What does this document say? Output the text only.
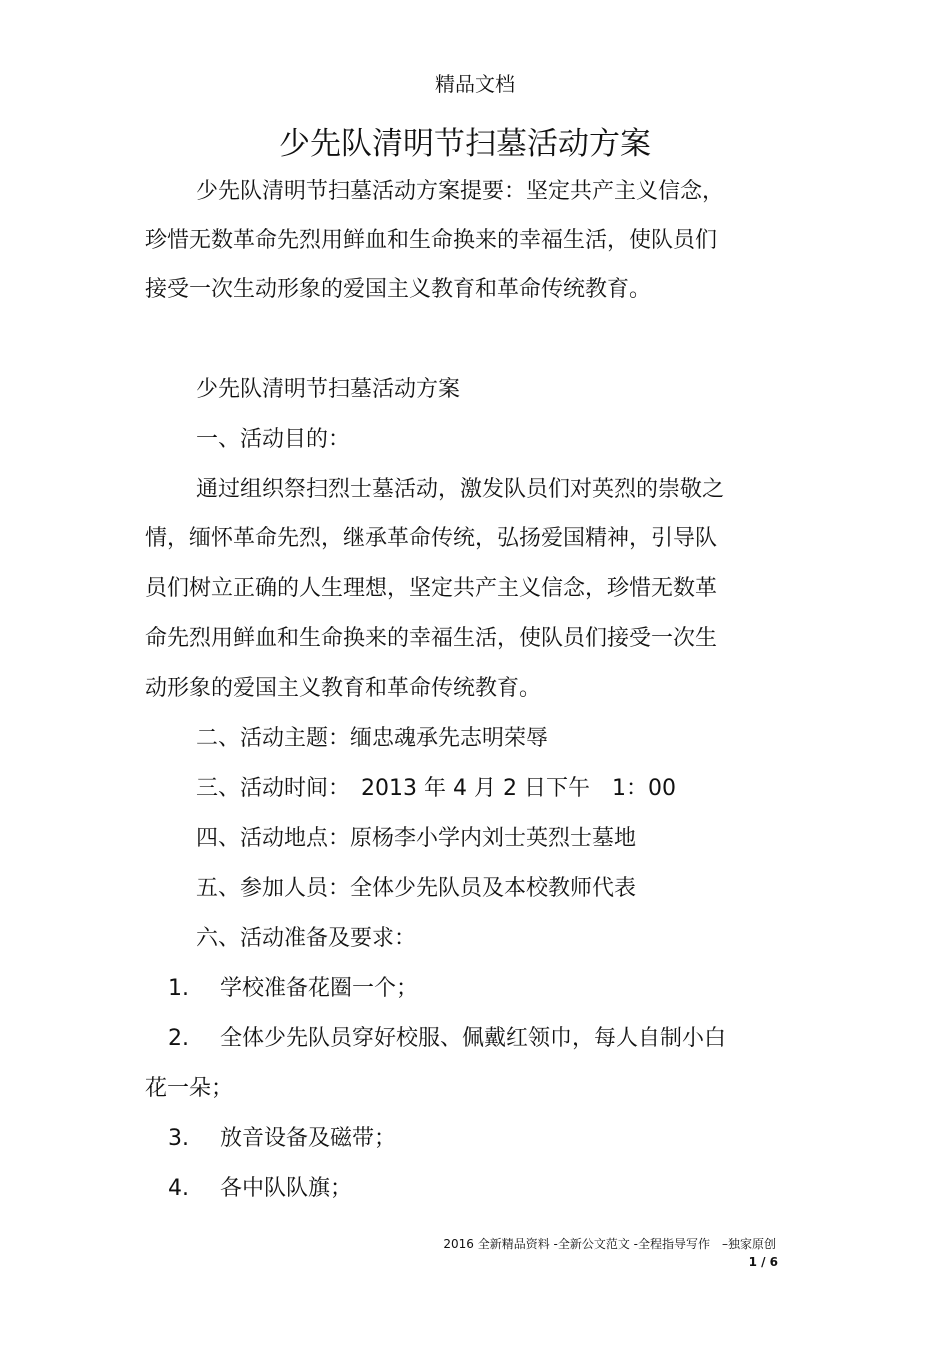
精品文档
少先队清明节扫墓活动方案
少先队清明节扫墓活动方案提要：坚定共产主义信念，
珍惜无数革命先烈用鲜血和生命换来的幸福生活，使队员们
接受一次生动形象的爱国主义教育和革命传统教育。
少先队清明节扫墓活动方案
一、活动目的：
通过组织祭扫烈士墓活动，激发队员们对英烈的崇敬之
情，缅怀革命先烈，继承革命传统，弘扬爱国精神，引导队
员们树立正确的人生理想，坚定共产主义信念，珍惜无数革
命先烈用鲜血和生命换来的幸福生活，使队员们接受一次生
动形象的爱国主义教育和革命传统教育。
二、活动主题：缅忠魂承先志明荣辱
三、活动时间：　2013 年 4 月 2 日下午　1：00
四、活动地点：原杨李小学内刘士英烈士墓地
五、参加人员：全体少先队员及本校教师代表
六、活动准备及要求：
1. 学校准备花圈一个；
2. 全体少先队员穿好校服、佩戴红领巾，每人自制小白
花一朵；
3. 放音设备及磁带；
4. 各中队队旗；
2016 全新精品资料 -全新公文范文 -全程指导写作　–独家原创
1 / 6
